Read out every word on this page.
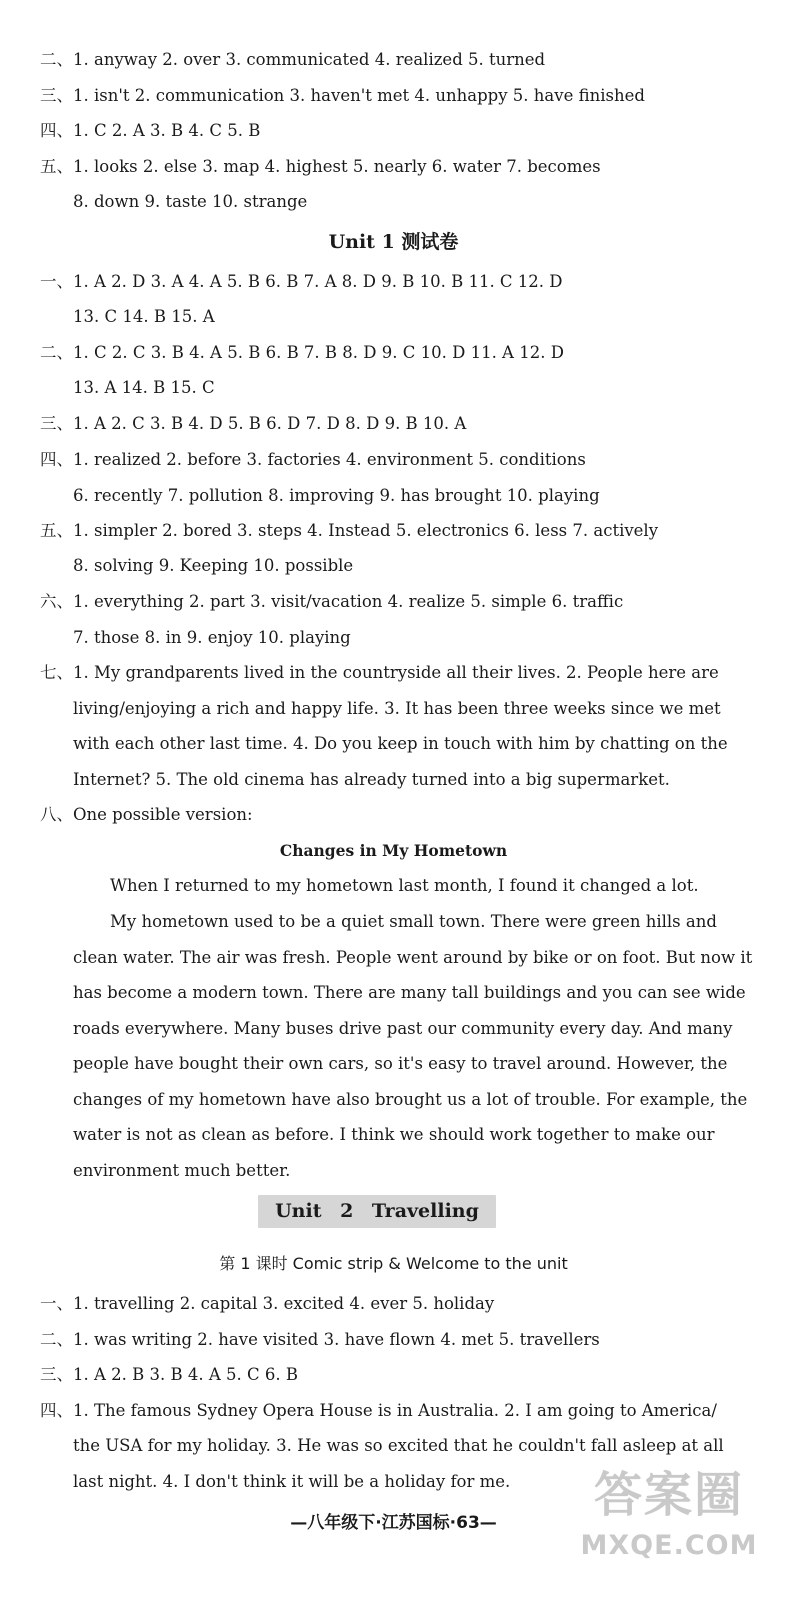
二、1. anyway 2. over 3. communicated 4. realized 5. turned
三、1. isn't 2. communication 3. haven't met 4. unhappy 5. have finished
四、1. C 2. A 3. B 4. C 5. B
五、1. looks 2. else 3. map 4. highest 5. nearly 6. water 7. becomes
8. down 9. taste 10. strange
Unit 1 测试卷
一、1. A 2. D 3. A 4. A 5. B 6. B 7. A 8. D 9. B 10. B 11. C 12. D
13. C 14. B 15. A
二、1. C 2. C 3. B 4. A 5. B 6. B 7. B 8. D 9. C 10. D 11. A 12. D
13. A 14. B 15. C
三、1. A 2. C 3. B 4. D 5. B 6. D 7. D 8. D 9. B 10. A
四、1. realized 2. before 3. factories 4. environment 5. conditions
6. recently 7. pollution 8. improving 9. has brought 10. playing
五、1. simpler 2. bored 3. steps 4. Instead 5. electronics 6. less 7. actively
8. solving 9. Keeping 10. possible
六、1. everything 2. part 3. visit/vacation 4. realize 5. simple 6. traffic
7. those 8. in 9. enjoy 10. playing
七、1. My grandparents lived in the countryside all their lives. 2. People here are
living/enjoying a rich and happy life. 3. It has been three weeks since we met
with each other last time. 4. Do you keep in touch with him by chatting on the
Internet? 5. The old cinema has already turned into a big supermarket.
八、One possible version:
Changes in My Hometown
When I returned to my hometown last month, I found it changed a lot.
My hometown used to be a quiet small town. There were green hills and
clean water. The air was fresh. People went around by bike or on foot. But now it
has become a modern town. There are many tall buildings and you can see wide
roads everywhere. Many buses drive past our community every day. And many
people have bought their own cars, so it's easy to travel around. However, the
changes of my hometown have also brought us a lot of trouble. For example, the
water is not as clean as before. I think we should work together to make our
environment much better.
Unit 2 Travelling
第 1 课时 Comic strip & Welcome to the unit
一、1. travelling 2. capital 3. excited 4. ever 5. holiday
二、1. was writing 2. have visited 3. have flown 4. met 5. travellers
三、1. A 2. B 3. B 4. A 5. C 6. B
四、1. The famous Sydney Opera House is in Australia. 2. I am going to America/
the USA for my holiday. 3. He was so excited that he couldn't fall asleep at all
last night. 4. I don't think it will be a holiday for me.
—八年级下·江苏国标·63—	答案圈
MXQE.COM
